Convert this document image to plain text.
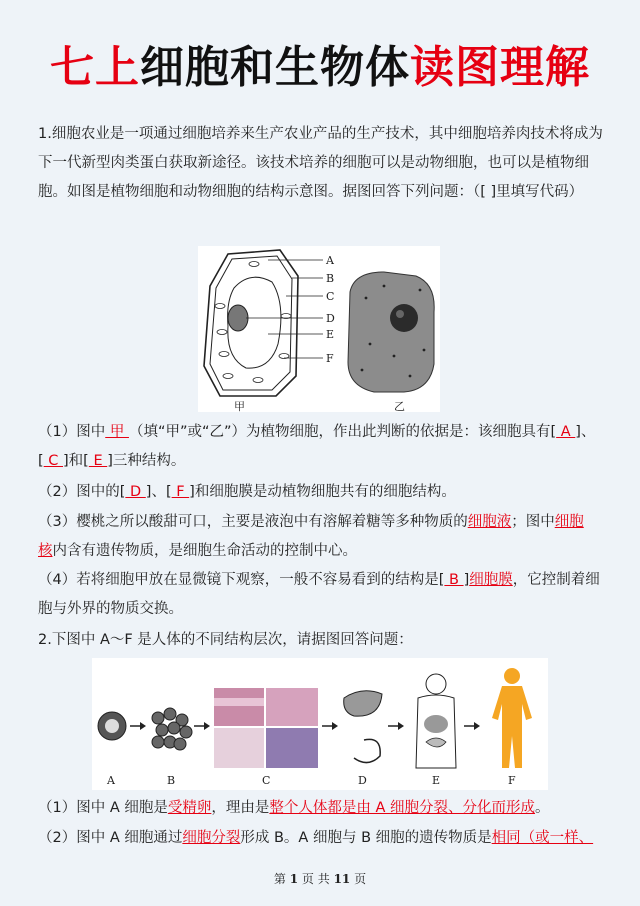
七上细胞和生物体读图理解

1.细胞农业是一项通过细胞培养来生产农业产品的生产技术，其中细胞培养肉技术将成为下一代新型肉类蛋白获取新途径。该技术培养的细胞可以是动物细胞，也可以是植物细胞。如图是植物细胞和动物细胞的结构示意图。据图回答下列问题：（[ ]里填写代码）

A
B
C
D
E
F
甲	乙

（1）图中 甲 （填“甲”或“乙”）为植物细胞，作出此判断的依据是：该细胞具有[ A ]、
[ C ]和[ E ]三种结构。

（2）图中的[ D ]、[ F ]和细胞膜是动植物细胞共有的细胞结构。

（3）樱桃之所以酸甜可口，主要是液泡中有溶解着糖等多种物质的细胞液；图中细胞
核内含有遗传物质，是细胞生命活动的控制中心。

（4）若将细胞甲放在显微镜下观察，一般不容易看到的结构是[ B ]细胞膜，它控制着细胞与外界的物质交换。

2.下图中 A～F 是人体的不同结构层次，请据图回答问题：

A	B	C	D	E	F

（1）图中 A 细胞是受精卵，理由是整个人体都是由 A 细胞分裂、分化而形成。

（2）图中 A 细胞通过细胞分裂形成 B。A 细胞与 B 细胞的遗传物质是相同（或一样、

第 1 页 共 11 页
